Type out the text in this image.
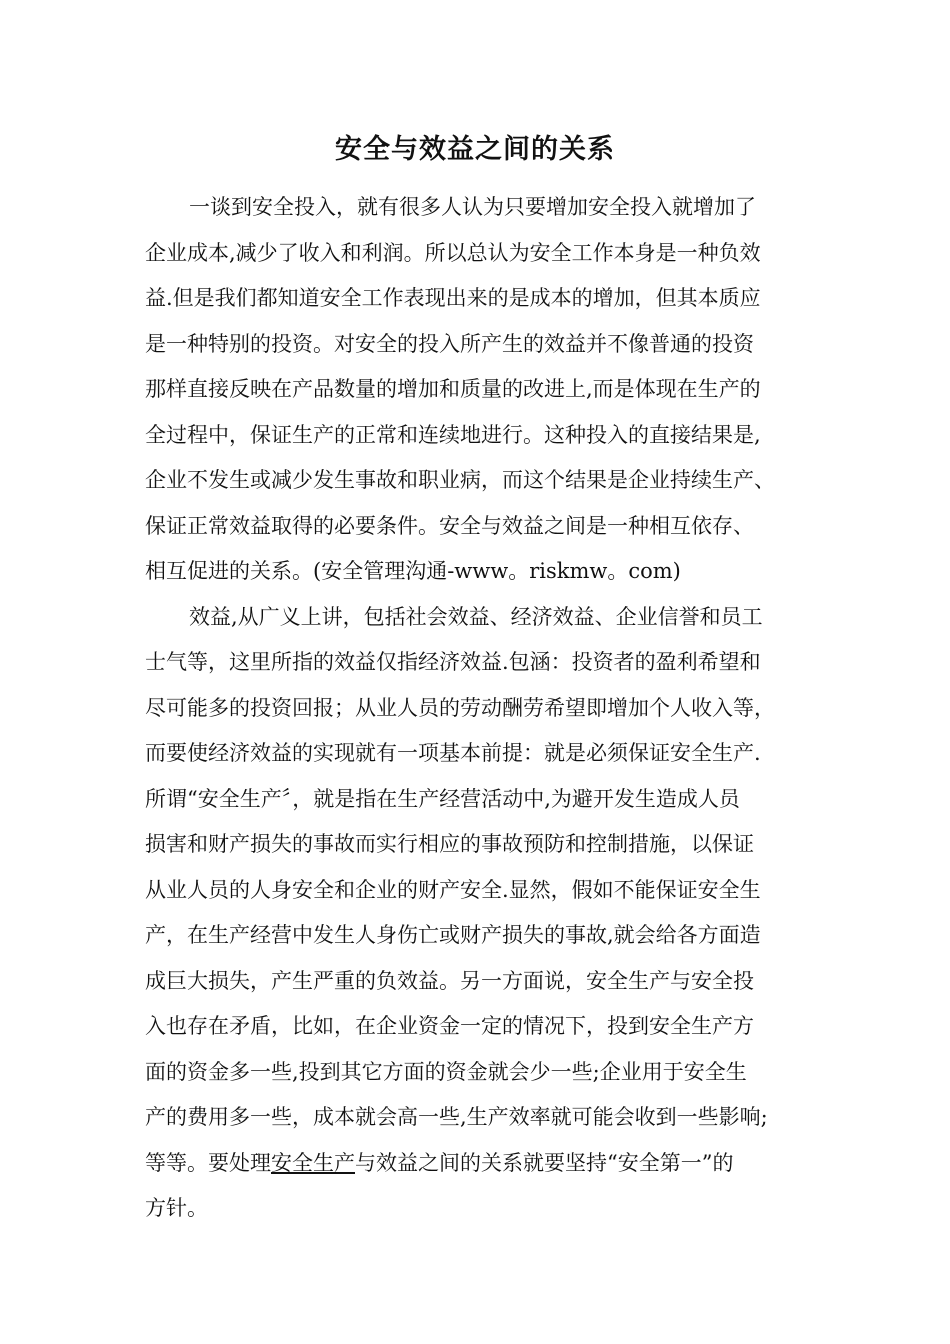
安全与效益之间的关系
一谈到安全投入，就有很多人认为只要增加安全投入就增加了
企业成本,减少了收入和利润。所以总认为安全工作本身是一种负效
益.但是我们都知道安全工作表现出来的是成本的增加，但其本质应
是一种特别的投资。对安全的投入所产生的效益并不像普通的投资
那样直接反映在产品数量的增加和质量的改进上,而是体现在生产的
全过程中，保证生产的正常和连续地进行。这种投入的直接结果是,
企业不发生或减少发生事故和职业病，而这个结果是企业持续生产、
保证正常效益取得的必要条件。安全与效益之间是一种相互依存、
相互促进的关系。(安全管理沟通-www。riskmw。com)
效益,从广义上讲，包括社会效益、经济效益、企业信誉和员工
士气等，这里所指的效益仅指经济效益.包涵：投资者的盈利希望和
尽可能多的投资回报；从业人员的劳动酬劳希望即增加个人收入等，
而要使经济效益的实现就有一项基本前提：就是必须保证安全生产.
所谓“安全生产〞，就是指在生产经营活动中,为避开发生造成人员
损害和财产损失的事故而实行相应的事故预防和控制措施，以保证
从业人员的人身安全和企业的财产安全.显然，假如不能保证安全生
产，在生产经营中发生人身伤亡或财产损失的事故,就会给各方面造
成巨大损失，产生严重的负效益。另一方面说，安全生产与安全投
入也存在矛盾，比如，在企业资金一定的情况下，投到安全生产方
面的资金多一些,投到其它方面的资金就会少一些;企业用于安全生
产的费用多一些，成本就会高一些,生产效率就可能会收到一些影响;
等等。要处理安全生产与效益之间的关系就要坚持“安全第一”的
方针。
